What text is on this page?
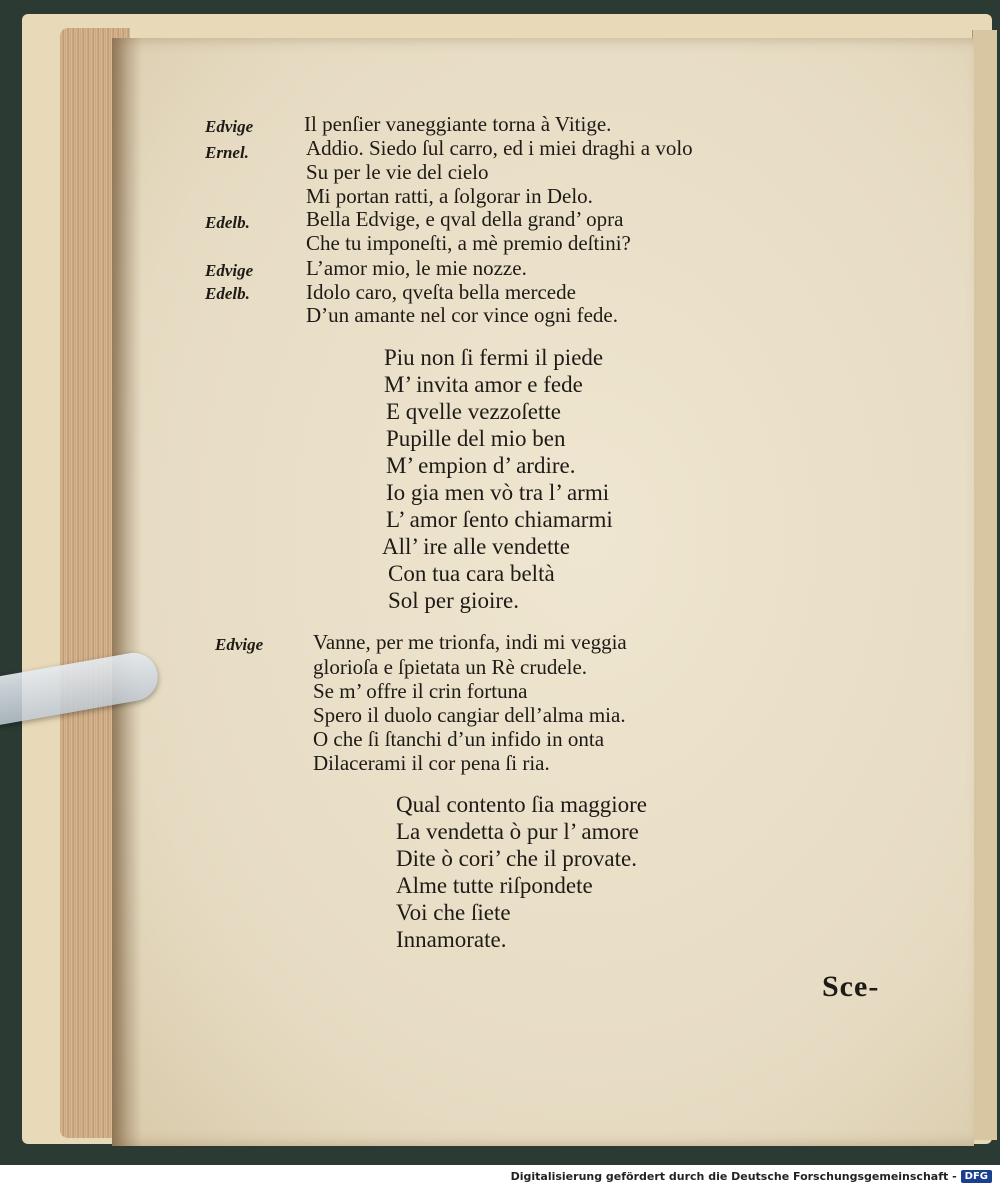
Edvige Il penſier vaneggiante torna à Vitige.
Ernel.	Addio. Siedo ſul carro, ed i miei draghi a volo
Su per le vie del cielo
Mi portan ratti, a ſolgorar in Delo.
Edelb.	Bella Edvige, e qval della grand’ opra
Che tu imponeſti, a mè premio deſtini?
Edvige	L’amor mio, le mie nozze.
Edelb.	Idolo caro, qveſta bella mercede
D’un amante nel cor vince ogni fede.
Piu non ſi fermi il piede
M’ invita amor e fede
E qvelle vezzoſette
Pupille del mio ben
M’ empion d’ ardire.
Io gia men vò tra l’ armi
L’ amor ſento chiamarmi
All’ ire alle vendette
Con tua cara beltà
Sol per gioire.
Edvige Vanne, per me trionfa, indi mi veggia
glorioſa e ſpietata un Rè crudele.
Se m’ offre il crin fortuna
Spero il duolo cangiar dell’alma mia.
O che ſi ſtanchi d’un infido in onta
Dilacerami il cor pena ſi ria.
Qual contento ſia maggiore
La vendetta ò pur l’ amore
Dite ò cori’ che il provate.
Alme tutte riſpondete
Voi che ſiete
Innamorate.
Sce-
Digitalisierung gefördert durch die Deutsche Forschungsgemeinschaft - DFG
